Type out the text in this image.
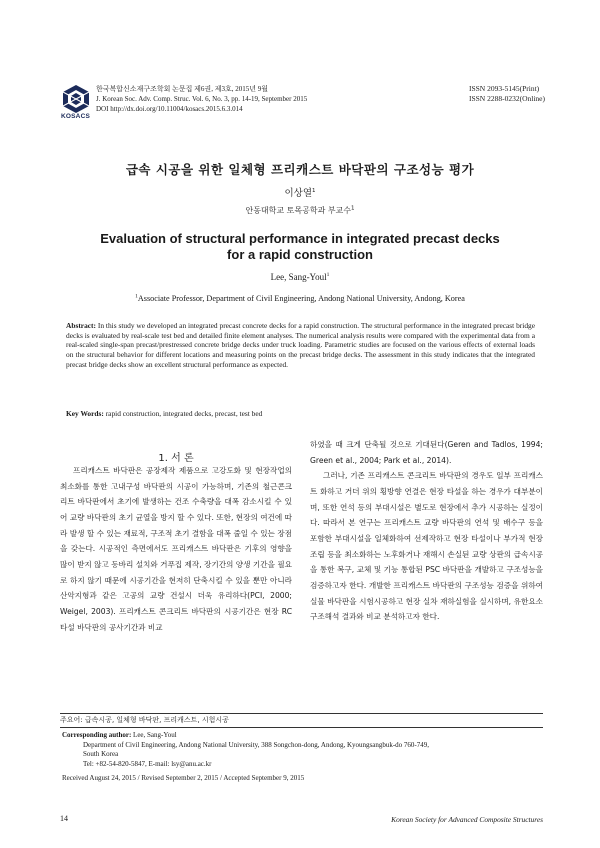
KOSACS
한국복합신소재구조학회 논문집 제6권, 제3호, 2015년 9월
J. Korean Soc. Adv. Comp. Struc. Vol. 6, No. 3, pp. 14-19, September 2015
DOI http://dx.doi.org/10.11004/kosacs.2015.6.3.014
ISSN 2093-5145(Print)
ISSN 2288-0232(Online)
급속 시공을 위한 일체형 프리캐스트 바닥판의 구조성능 평가
이상열$^1$
안동대학교 토목공학과 부교수$^1$
Evaluation of structural performance in integrated precast decks
for a rapid construction
Lee, Sang-Youl$^1$
$^1$Associate Professor, Department of Civil Engineering, Andong National University, Andong, Korea
Abstract: In this study we developed an integrated precast concrete decks for a rapid construction. The structural performance in the integrated precast bridge decks is evaluated by real-scale test bed and detailed finite element analyses. The numerical analysis results were compared with the experimental data from a real-scaled single-span precast/prestressed concrete bridge decks under truck loading. Parametric studies are focused on the various effects of external loads on the structural behavior for different locations and measuring points on the precast bridge decks. The assessment in this study indicates that the integrated precast bridge decks show an excellent structural performance as expected.
Key Words: rapid construction, integrated decks, precast, test bed
1. 서 론

프리캐스트 바닥판은 공장제작 제품으로 고강도화 및 현장작업의 최소화를 통한 고내구성 바닥판의 시공이 가능하며, 기존의 철근콘크리트 바닥판에서 초기에 발생하는 건조 수축량을 대폭 감소시킬 수 있어 교량 바닥판의 초기 균열을 방지 할 수 있다. 또한, 현장의 여건에 따라 발생 할 수 있는 재료적, 구조적 초기 결함을 대폭 줄일 수 있는 장점을 갖는다. 시공적인 측면에서도 프리캐스트 바닥판은 기후의 영향을 많이 받지 않고 동바리 설치와 거푸집 제작, 장기간의 양생 기간을 필요로 하지 않기 때문에 시공기간을 현저히 단축시킬 수 있을 뿐만 아니라 산악지형과 같은 고공의 교량 건설시 더욱 유리하다(PCI, 2000; Weigel, 2003). 프리캐스트 콘크리트 바닥판의 시공기간은 현장 RC타설 바닥판의 공사기간과 비교

하였을 때 크게 단축될 것으로 기대된다(Geren and Tadlos, 1994; Green et al., 2004; Park et al., 2014).

그러나, 기존 프리캐스트 콘크리트 바닥판의 경우도 일부 프리캐스트 화하고 거더 위의 횡방향 연결은 현장 타설을 하는 경우가 대부분이며, 또한 연석 등의 부대시설은 별도로 현장에서 추가 시공하는 실정이다. 따라서 본 연구는 프리캐스트 교량 바닥판의 연석 및 배수구 등을 포함한 부대시설을 일체화하여 선제작하고 현장 타설이나 부가적 현장 조립 등을 최소화하는 노후화거나 재해시 손실된 교량 상판의 급속시공을 통한 복구, 교체 및 기능 통합된 PSC 바닥판을 개발하고 구조성능을 검증하고자 한다. 개발한 프리캐스트 바닥판의 구조성능 검증을 위하여 실물 바닥판을 시험시공하고 현장 실차 재하실험을 실시하며, 유한요소 구조해석 결과와 비교 분석하고자 한다.

주요어: 급속시공, 일체형 바닥판, 프리캐스트, 시험시공
Corresponding author: Lee, Sang-Youl
Department of Civil Engineering, Andong National University, 388 Songchon-dong, Andong, Kyoungsangbuk-do 760-749,
South Korea
Tel: +82-54-820-5847, E-mail: lsy@anu.ac.kr
Received August 24, 2015 / Revised September 2, 2015 / Accepted September 9, 2015
14	Korean Society for Advanced Composite Structures
